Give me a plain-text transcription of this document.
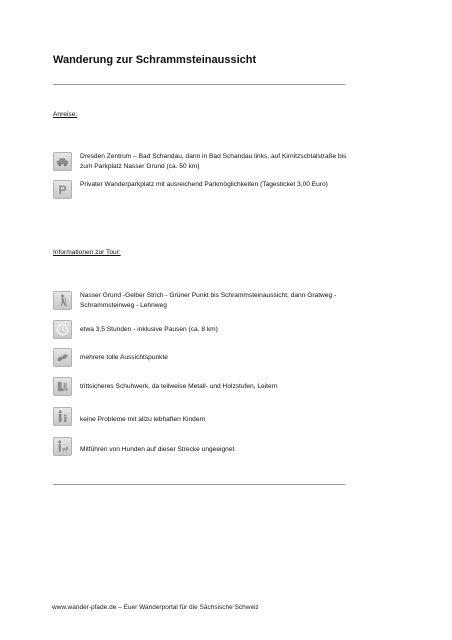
Wanderung zur Schrammsteinaussicht
Anreise:
Dresden Zentrum – Bad Schandau, dann in Bad Schandau links, auf Kirnitzschtalstraße bis zum Parkplatz Nasser Grund (ca. 50 km)
P Privater Wanderparkplatz mit ausreichend Parkmöglichkeiten (Tagesticket 3,00 Euro)
Informationen zur Tour:
Nasser Grund -Gelber Strich - Grüner Punkt bis Schrammsteinaussicht, dann Gratweg - Schrammsteinweg - Lehnweg
etwa 3,5 Stunden - inklusive Pausen (ca. 8 km)
mehrere tolle Aussichtspunkte
trittsicheres Schuhwerk, da teilweise Metall- und Holzstufen, Leitern
keine Probleme mit allzu lebhaften Kindern
Mitführen von Hunden auf dieser Strecke ungeeignet
www.wander-pfade.de – Euer Wanderportal für die Sächsische Schweiz
